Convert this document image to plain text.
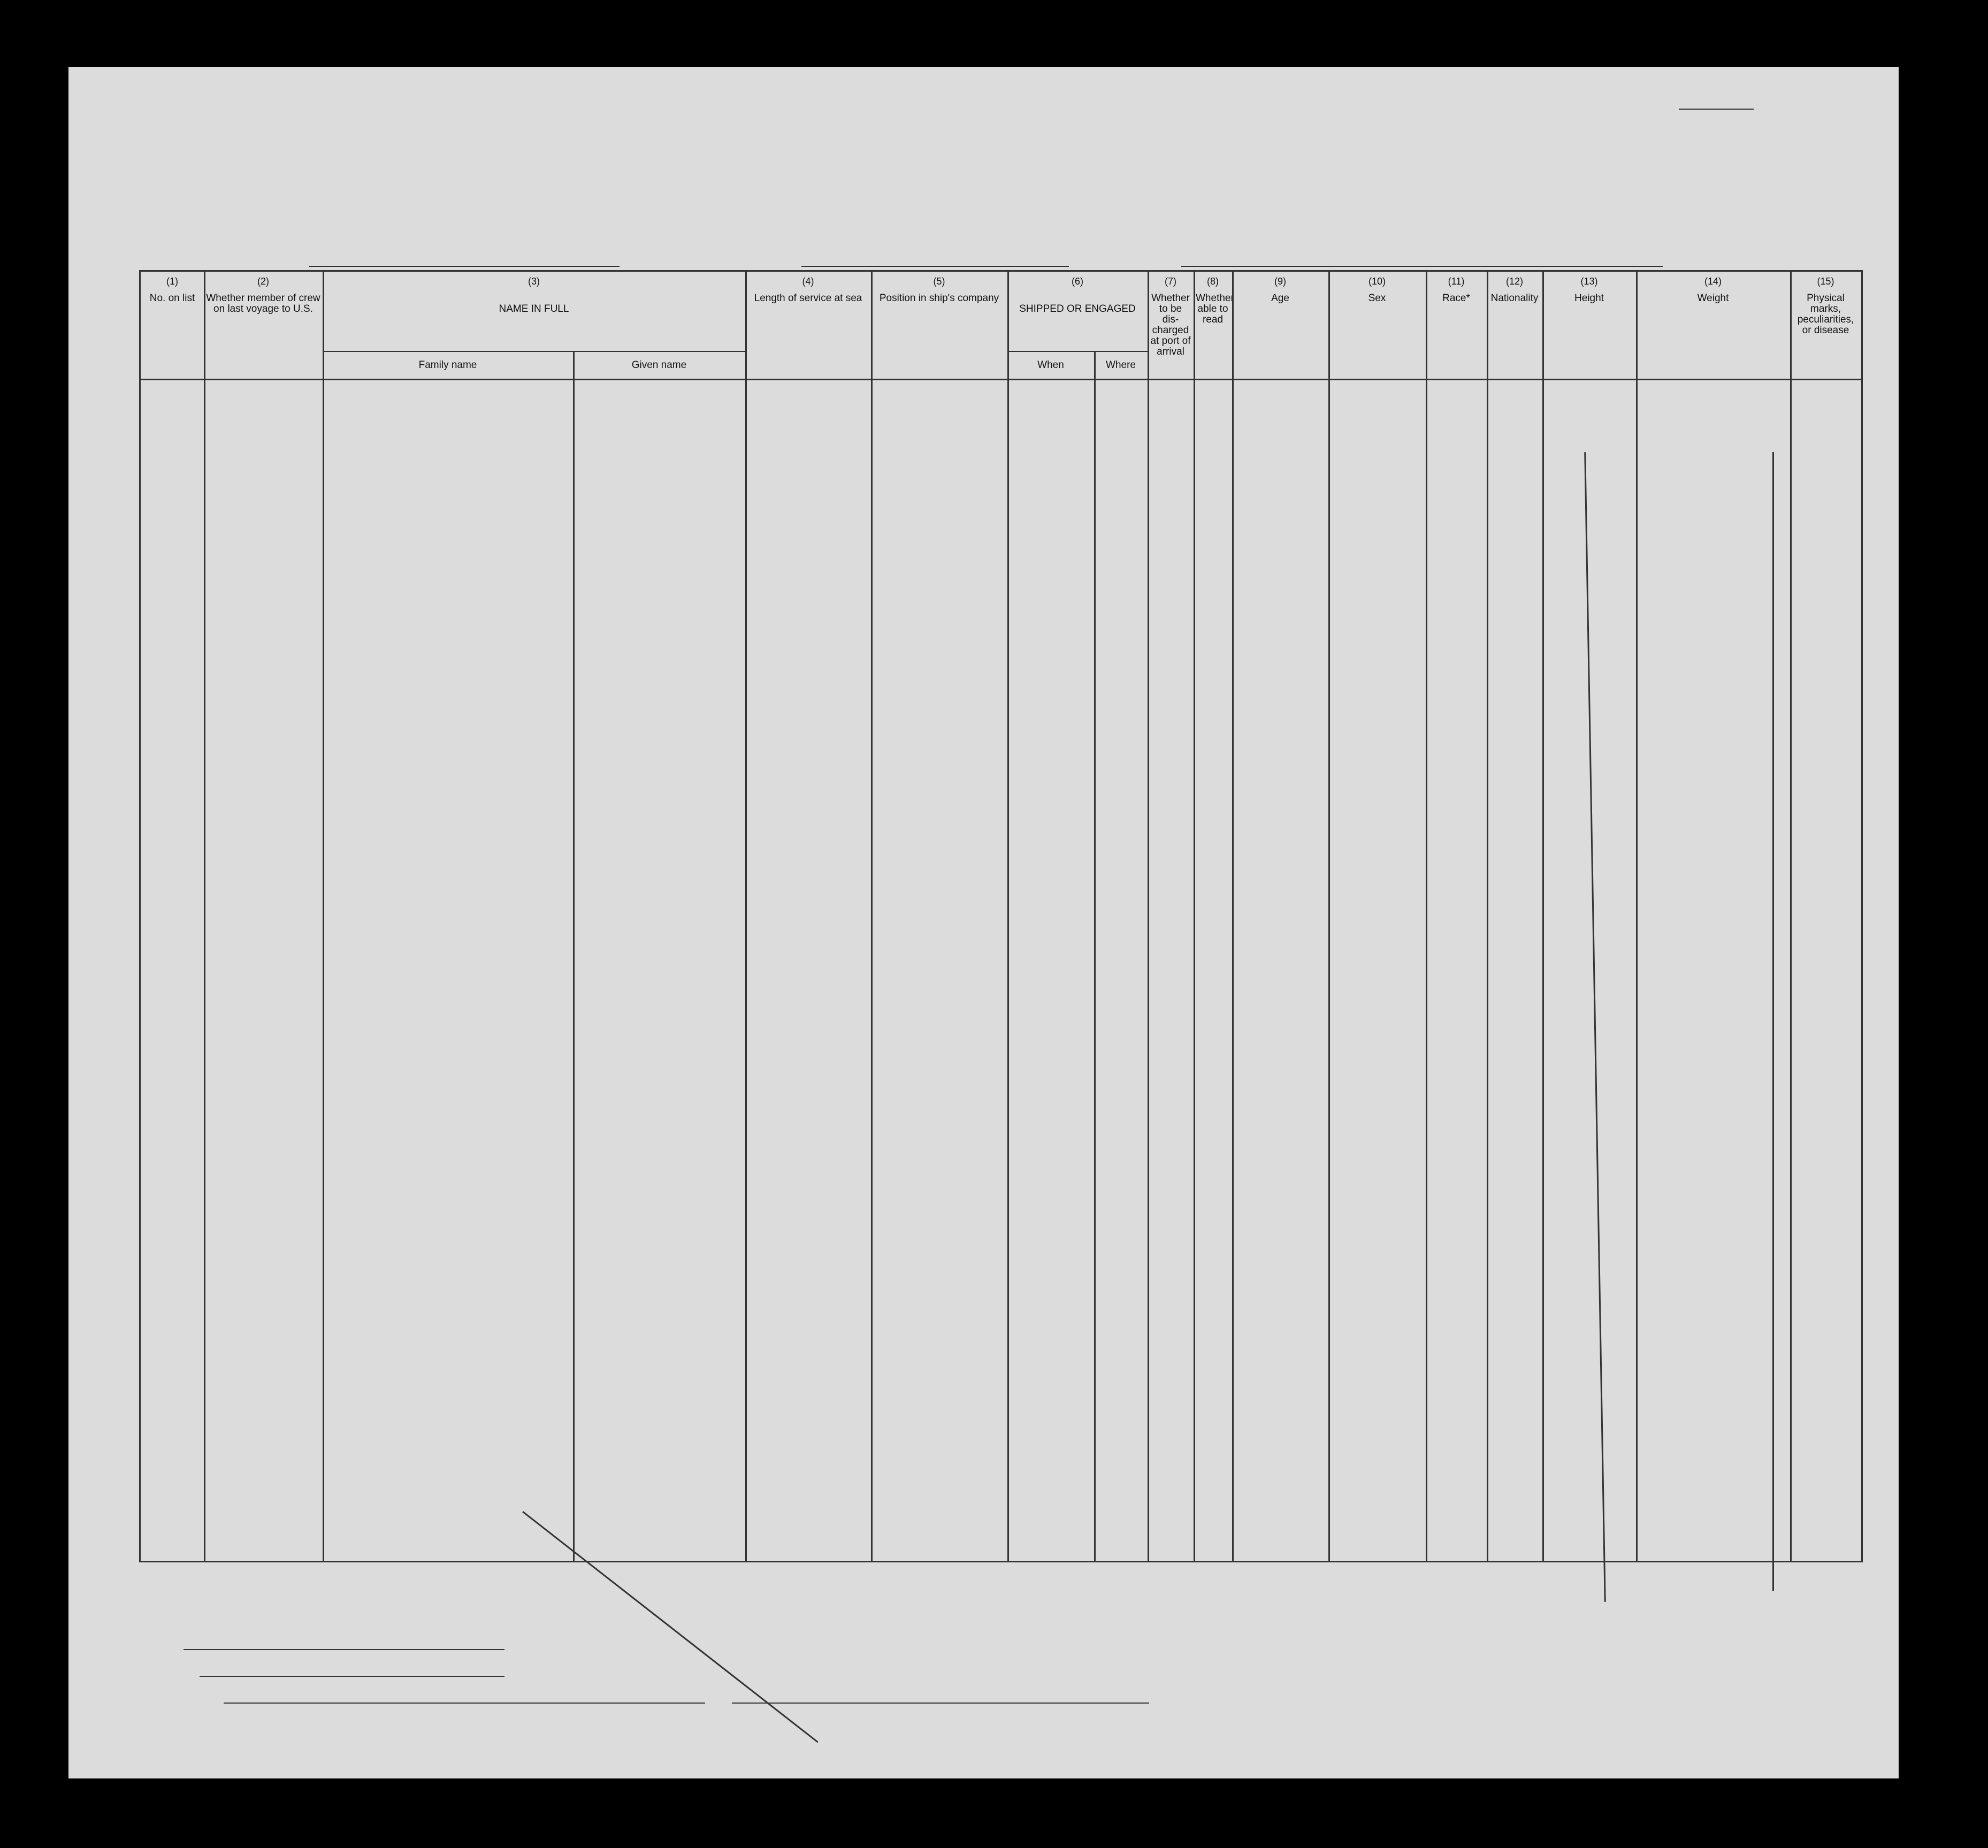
(1)
No. on list
(2)
Whether member of crew on last voyage to U.S.
(3)
NAME IN FULL
Family name	Given name
(4)
Length of service at sea
(5)
Position in ship's company
(6)
SHIPPED OR ENGAGED
When	Where
(7)
Whether to be dis-charged at port of arrival
(8)
Whether able to read
(9)
Age
(10)
Sex
(11)
Race*
(12)
Nationality
(13)
Height
(14)
Weight
(15)
Physical marks, peculiarities, or disease
